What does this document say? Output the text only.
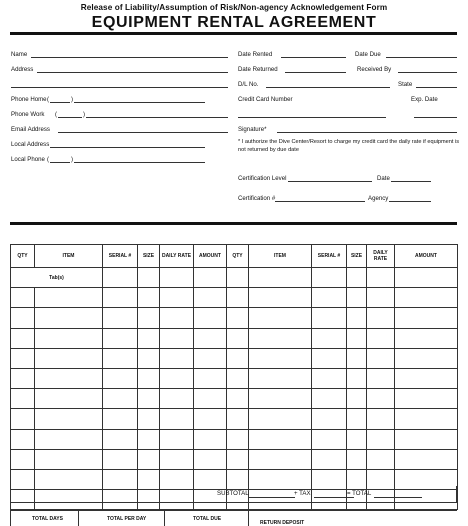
Release of Liability/Assumption of Risk/Non-agency Acknowledgement Form
EQUIPMENT RENTAL AGREEMENT
Name
Address
Phone Home (	)
Phone Work (	)
Email Address
Local Address
Local Phone (	)
Date Rented	Date Due
Date Returned	Received By
D/L No.	State
Credit Card Number	Exp. Date
Signature*
* I authorize the Dive Center/Resort to charge my credit card the daily rate if equipment is not returned by due date
Certification Level	Date
Certification #	Agency
QTY	ITEM	SERIAL #	SIZE	DAILY RATE	AMOUNT	QTY	ITEM	SERIAL #	SIZE	DAILY RATE	AMOUNT
Tab(s)											

SUBTOTAL	+ TAX	= TOTAL
TOTAL DAYS	TOTAL PER DAY	TOTAL DUE
RETURN DEPOSIT
